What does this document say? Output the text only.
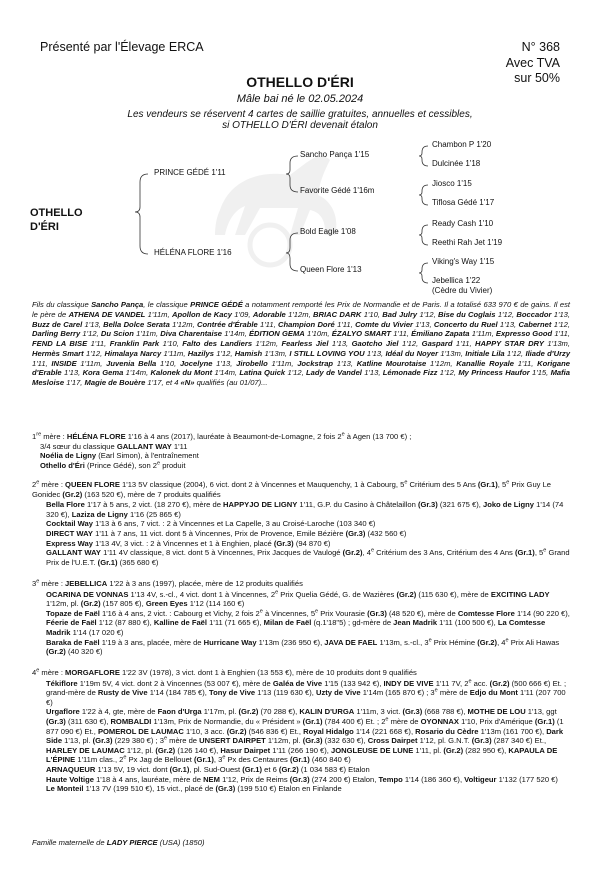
Présenté par l'Élevage ERCA	N° 368
Avec TVA
sur 50%
OTHELLO D'ÉRI
Mâle bai né le 02.05.2024
Les vendeurs se réservent 4 cartes de saillie gratuites, annuelles et cessibles,
si OTHELLO D'ÉRI devenait étalon
OTHELLO
D'ÉRI
PRINCE GÉDÉ 1'11
HÉLÉNA FLORE 1'16
Sancho Pança 1'15
Favorite Gédé 1'16m
Bold Eagle 1'08
Queen Flore 1'13
Chambon P 1'20
Dulcinée 1'18
Jiosco 1'15
Tiflosa Gédé 1'17
Ready Cash 1'10
Reethi Rah Jet 1'19
Viking's Way 1'15
Jebellica 1'22
(Cèdre du Vivier)
Fils du classique Sancho Pança, le classique PRINCE GÉDÉ a notamment remporté les Prix de Normandie et de Paris. Il a totalisé 633 970 € de gains. Il est le père de ATHENA DE VANDEL 1'11m, Apollon de Kacy 1'09, Adorable 1'12m, BRIAC DARK 1'10, Bad Julry 1'12, Bise du Coglais 1'12, Boccador 1'13, Buzz de Carel 1'13, Bella Dolce Serata 1'12m, Contrée d'Érable 1'11, Champion Doré 1'11, Comte du Vivier 1'13, Concerto du Ruel 1'13, Cabernet 1'12, Darling Berry 1'12, Du Scion 1'11m, Diva Charentaise 1'14m, ÉDITION GEMA 1'10m, ÉZALYO SMART 1'11, Émiliano Zapata 1'11m, Expresso Good 1'11, FEND LA BISE 1'11, Franklin Park 1'10, Falto des Landiers 1'12m, Fearless Jiel 1'13, Gaotcho Jiel 1'12, Gaspard 1'11, HAPPY STAR DRY 1'13m, Hermès Smart 1'12, Himalaya Narcy 1'11m, Hazilys 1'12, Hamish 1'13m, I STILL LOVING YOU 1'13, Idéal du Noyer 1'13m, Initiale Lila 1'12, Iliade d'Urzy 1'11, INSIDE 1'11m, Juvenia Bella 1'10, Jocelyne 1'13, Jirobello 1'11m, Jockstrap 1'13, Katline Mourotaise 1'12m, Kanallie Royale 1'11, Korigane d'Erable 1'13, Kora Gema 1'14m, Kalonek du Mont 1'14m, Latina Quick 1'12, Lady de Vandel 1'13, Lémonade Fizz 1'12, My Princess Haufor 1'15, Mafia Mesloise 1'17, Magie de Bouère 1'17, et 4 «N» qualifiés (au 01/07)...

1re mère : HÉLÉNA FLORE 1'16 à 4 ans (2017), lauréate à Beaumont-de-Lomagne, 2 fois 2e à Agen (13 700 €) ;

3/4 sœur du classique GALLANT WAY 1'11

Noélia de Ligny (Earl Simon), à l'entraînement

Othello d'Éri (Prince Gédé), son 2e produit

2e mère : QUEEN FLORE 1'13 5V classique (2004), 6 vict. dont 2 à Vincennes et Mauquenchy, 1 à Cabourg, 5e Critérium des 5 Ans (Gr.1), 5e Prix Guy Le Gonidec (Gr.2) (163 520 €), mère de 7 produits qualifiés

Bella Flore 1'17 à 5 ans, 2 vict. (18 270 €), mère de HAPPYJO DE LIGNY 1'11, G.P. du Casino à Châtelaillon (Gr.3) (321 675 €), Joko de Ligny 1'14 (74 320 €), Laziza de Ligny 1'16 (25 865 €)

Cocktail Way 1'13 à 6 ans, 7 vict. : 2 à Vincennes et La Capelle, 3 au Croisé-Laroche (103 340 €)

DIRECT WAY 1'11 à 7 ans, 11 vict. dont 5 à Vincennes, Prix de Provence, Emile Bézière (Gr.3) (432 560 €)

Express Way 1'13 4V, 3 vict. : 2 à Vincennes et 1 à Enghien, placé (Gr.3) (94 870 €)

GALLANT WAY 1'11 4V classique, 8 vict. dont 5 à Vincennes, Prix Jacques de Vaulogé (Gr.2), 4e Critérium des 3 Ans, Critérium des 4 Ans (Gr.1), 5e Grand Prix de l'U.E.T. (Gr.1) (365 680 €)

3e mère : JEBELLICA 1'22 à 3 ans (1997), placée, mère de 12 produits qualifiés

OCARINA DE VONNAS 1'13 4V, s.-cl., 4 vict. dont 1 à Vincennes, 2e Prix Quelia Gédé, G. de Wazières (Gr.2) (115 630 €), mère de EXCITING LADY 1'12m, pl. (Gr.2) (157 805 €), Green Eyes 1'12 (114 160 €)

Topaze de Faël 1'16 à 4 ans, 2 vict. : Cabourg et Vichy, 2 fois 2e à Vincennes, 5e Prix Vourasie (Gr.3) (48 520 €), mère de Comtesse Flore 1'14 (90 220 €), Féerie de Faël 1'12 (87 880 €), Kalline de Faël 1'11 (71 665 €), Milan de Faël (q.1'18"5) ; gd-mère de Jean Madrik 1'11 (100 500 €), La Comtesse Madrik 1'14 (17 020 €)

Baraka de Faël 1'19 à 3 ans, placée, mère de Hurricane Way 1'13m (236 950 €), JAVA DE FAEL 1'13m, s.-cl., 3e Prix Hémine (Gr.2), 4e Prix Ali Hawas (Gr.2) (40 320 €)

4e mère : MORGAFLORE 1'22 3V (1978), 3 vict. dont 1 à Enghien (13 553 €), mère de 10 produits dont 9 qualifiés

Tékiflore 1'19m 5V, 4 vict. dont 2 à Vincennes (53 007 €), mère de Galéa de Vive 1'15 (133 942 €), INDY DE VIVE 1'11 7V, 2e acc. (Gr.2) (500 666 €) Et. ; grand-mère de Rusty de Vive 1'14 (184 785 €), Tony de Vive 1'13 (119 630 €), Uzty de Vive 1'14m (165 870 €) ; 3e mère de Edjo du Mont 1'11 (207 700 €)

Urgaflore 1'22 à 4, gte, mère de Faon d'Urga 1'17m, pl. (Gr.2) (70 288 €), KALIN D'URGA 1'11m, 3 vict. (Gr.3) (668 788 €), MOTHE DE LOU 1'13, ggt (Gr.3) (311 630 €), ROMBALDI 1'13m, Prix de Normandie, du « Président » (Gr.1) (784 400 €) Et. ; 2e mère de OYONNAX 1'10, Prix d'Amérique (Gr.1) (1 877 090 €) Et., POMEROL DE LAUMAC 1'10, 3 acc. (Gr.2) (546 836 €) Et., Royal Hidalgo 1'14 (221 668 €), Rosario du Cèdre 1'13m (161 700 €), Dark Side 1'13, pl. (Gr.3) (229 380 €) ; 3e mère de UNSERT DAIRPET 1'12m, pl. (Gr.3) (332 630 €), Cross Dairpet 1'12, pl. G.N.T. (Gr.3) (287 340 €) Et., HARLEY DE LAUMAC 1'12, pl. (Gr.2) (126 140 €), Hasur Dairpet 1'11 (266 190 €), JONGLEUSE DE LUNE 1'11, pl. (Gr.2) (282 950 €), KAPAULA DE L'ÉPINE 1'11m clas., 2e Px Jag de Bellouet (Gr.1), 3e Px des Centaures (Gr.1) (460 840 €)

ARNAQUEUR 1'13 5V, 19 vict. dont (Gr.1), pl. Sud-Ouest (Gr.1) et 6 (Gr.2) (1 034 583 €) Etalon

Haute Voltige 1'18 à 4 ans, lauréate, mère de NEM 1'12, Prix de Reims (Gr.3) (274 200 €) Etalon, Tempo 1'14 (186 360 €), Voltigeur 1'132 (177 520 €)

Le Monteil 1'13 7V (199 510 €), 15 vict., placé de (Gr.3) (199 510 €) Etalon en Finlande

Famille maternelle de LADY PIERCE (USA) (1850)
